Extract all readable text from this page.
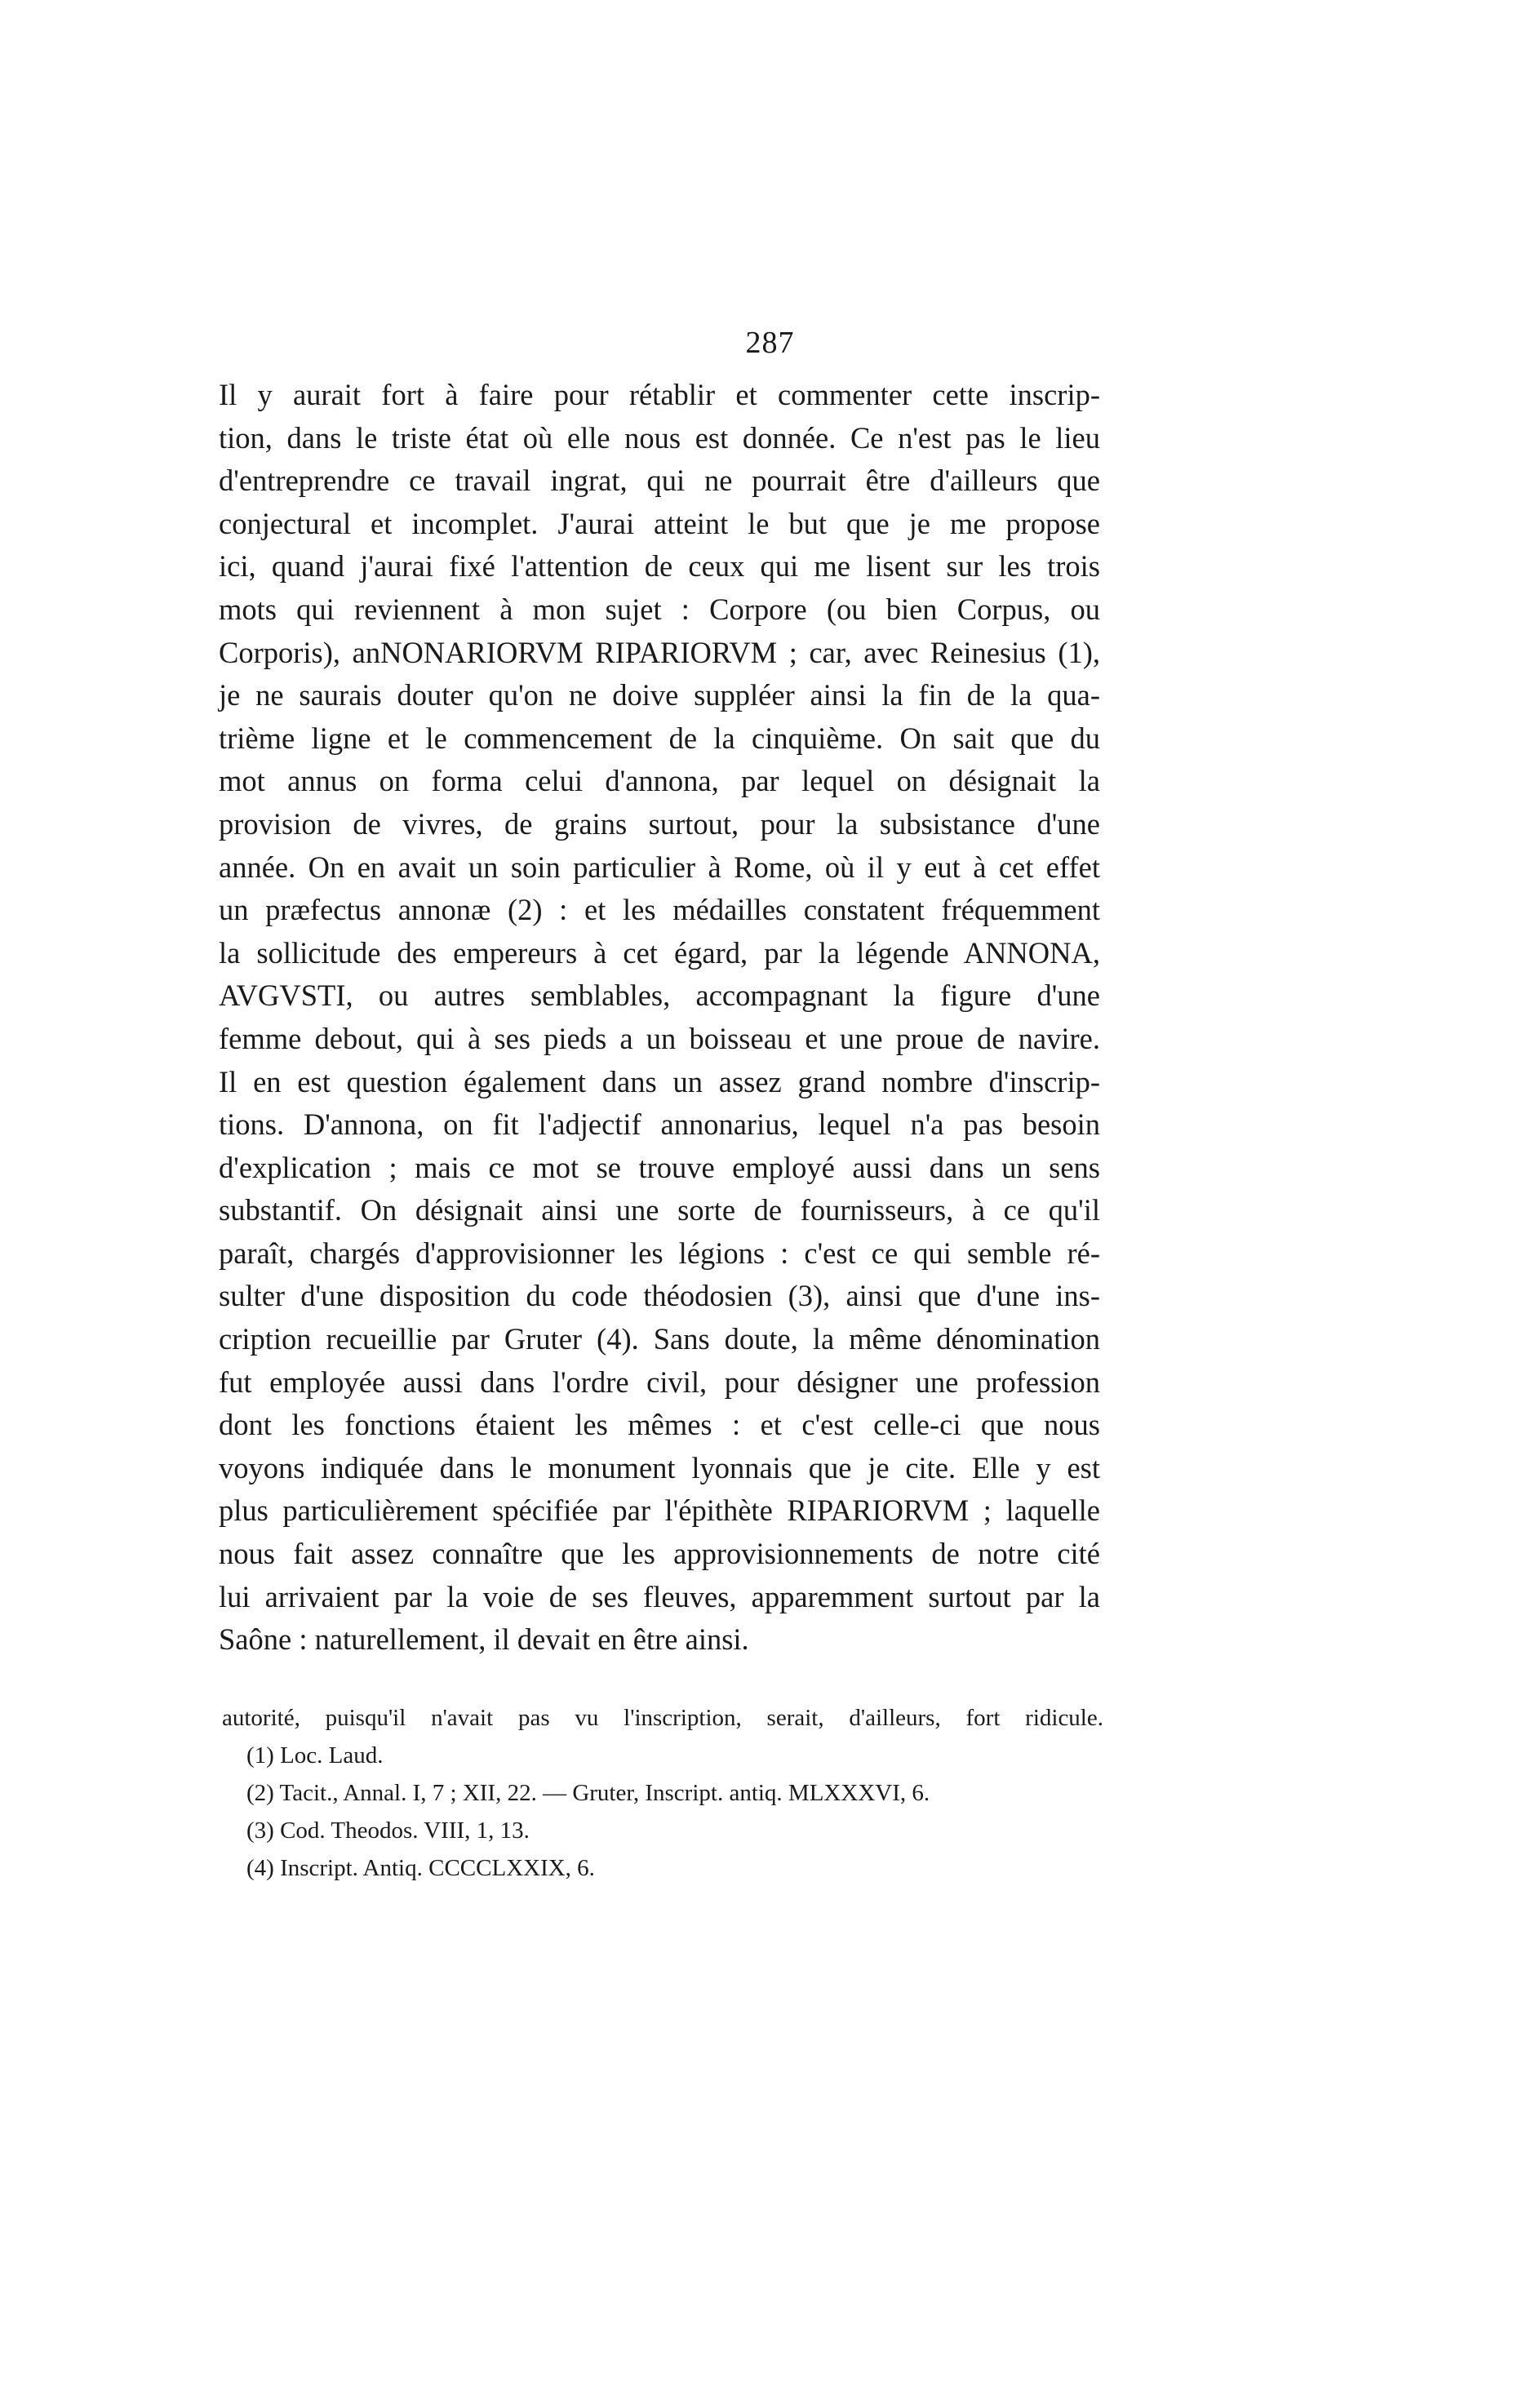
287
Il y aurait fort à faire pour rétablir et commenter cette inscrip-
tion, dans le triste état où elle nous est donnée. Ce n'est pas le lieu
d'entreprendre ce travail ingrat, qui ne pourrait être d'ailleurs que
conjectural et incomplet. J'aurai atteint le but que je me propose
ici, quand j'aurai fixé l'attention de ceux qui me lisent sur les trois
mots qui reviennent à mon sujet : Corpore (ou bien Corpus, ou
Corporis), anNONARIORVM RIPARIORVM ; car, avec Reinesius (1),
je ne saurais douter qu'on ne doive suppléer ainsi la fin de la qua-
trième ligne et le commencement de la cinquième. On sait que du
mot annus on forma celui d'annona, par lequel on désignait la
provision de vivres, de grains surtout, pour la subsistance d'une
année. On en avait un soin particulier à Rome, où il y eut à cet effet
un præfectus annonæ (2) : et les médailles constatent fréquemment
la sollicitude des empereurs à cet égard, par la légende ANNONA,
AVGVSTI, ou autres semblables, accompagnant la figure d'une
femme debout, qui à ses pieds a un boisseau et une proue de navire.
Il en est question également dans un assez grand nombre d'inscrip-
tions. D'annona, on fit l'adjectif annonarius, lequel n'a pas besoin
d'explication ; mais ce mot se trouve employé aussi dans un sens
substantif. On désignait ainsi une sorte de fournisseurs, à ce qu'il
paraît, chargés d'approvisionner les légions : c'est ce qui semble ré-
sulter d'une disposition du code théodosien (3), ainsi que d'une ins-
cription recueillie par Gruter (4). Sans doute, la même dénomination
fut employée aussi dans l'ordre civil, pour désigner une profession
dont les fonctions étaient les mêmes : et c'est celle-ci que nous
voyons indiquée dans le monument lyonnais que je cite. Elle y est
plus particulièrement spécifiée par l'épithète RIPARIORVM ; laquelle
nous fait assez connaître que les approvisionnements de notre cité
lui arrivaient par la voie de ses fleuves, apparemment surtout par la
Saône : naturellement, il devait en être ainsi.
autorité, puisqu'il n'avait pas vu l'inscription, serait, d'ailleurs, fort ridicule.
(1) Loc. Laud.
(2) Tacit., Annal. I, 7 ; XII, 22. — Gruter, Inscript. antiq. MLXXXVI, 6.
(3) Cod. Theodos. VIII, 1, 13.
(4) Inscript. Antiq. CCCCLXXIX, 6.
